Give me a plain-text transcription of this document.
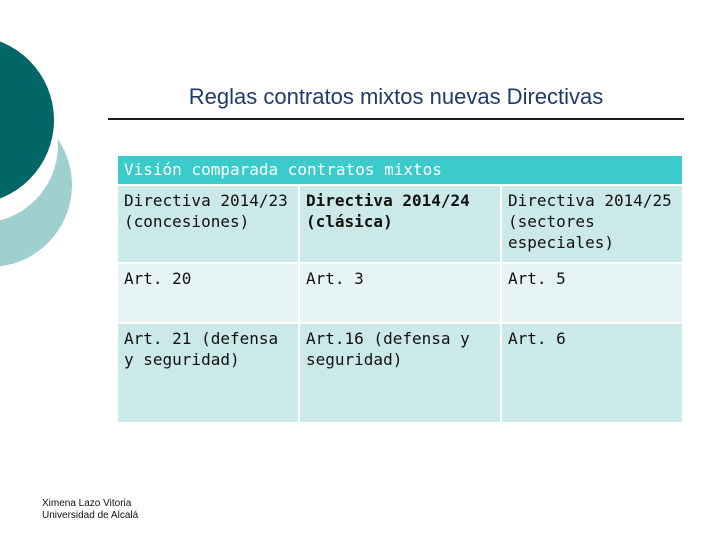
Reglas contratos mixtos nuevas Directivas
Visión comparada contratos mixtos		
Directiva 2014/23 (concesiones)	Directiva 2014/24 (clásica)	Directiva 2014/25 (sectores especiales)
Art. 20	Art. 3	Art. 5
Art. 21 (defensa y seguridad)	Art.16 (defensa y seguridad)	Art. 6
Ximena Lazo Vitoria
Universidad de Alcalá
